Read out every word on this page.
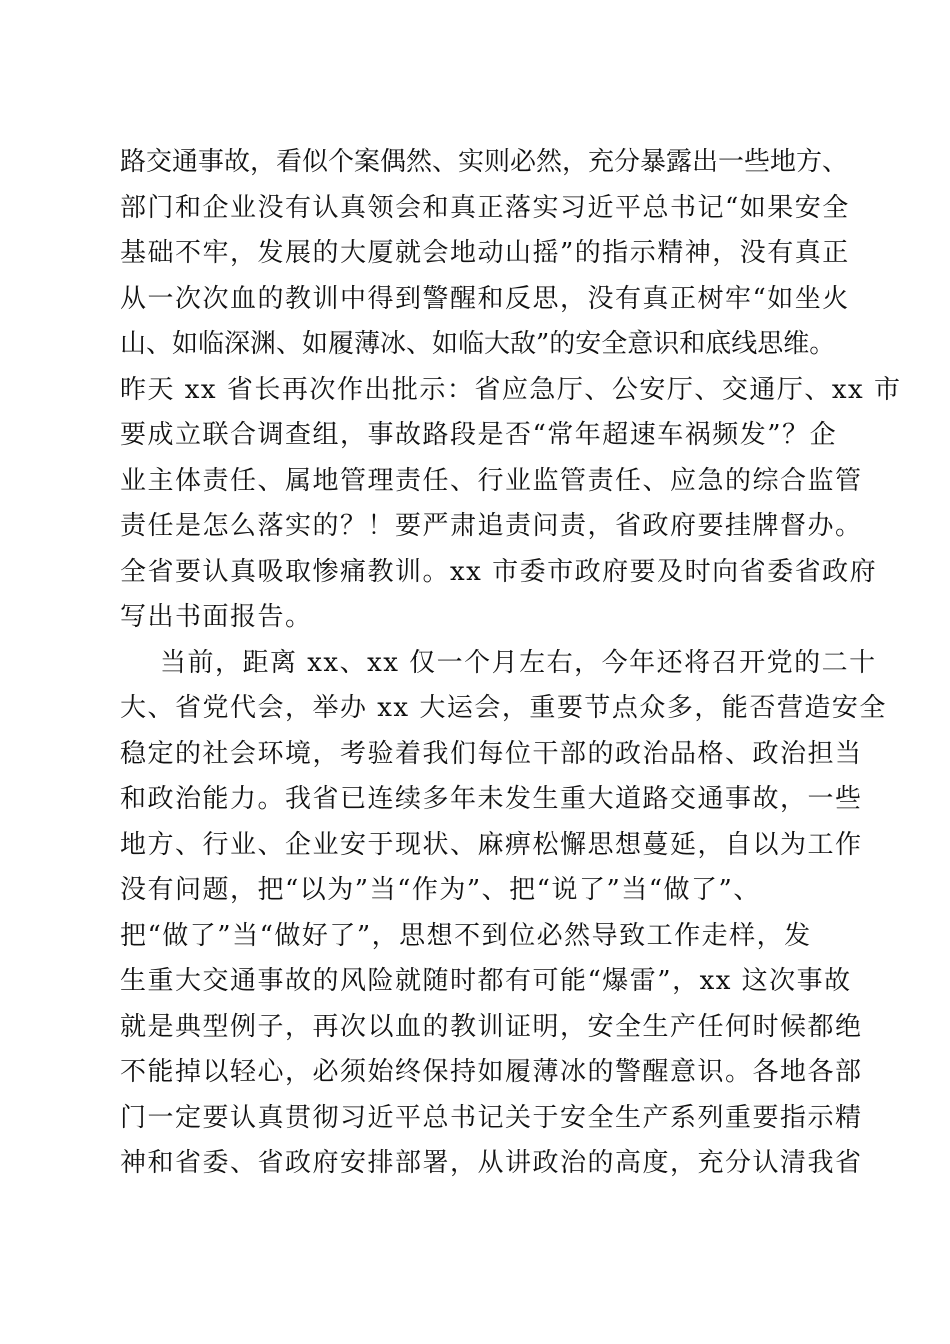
路交通事故，看似个案偶然、实则必然，充分暴露出一些地方、
部门和企业没有认真领会和真正落实习近平总书记“如果安全
基础不牢，发展的大厦就会地动山摇”的指示精神，没有真正
从一次次血的教训中得到警醒和反思，没有真正树牢“如坐火
山、如临深渊、如履薄冰、如临大敌”的安全意识和底线思维。
昨天 xx 省长再次作出批示：省应急厅、公安厅、交通厅、xx 市
要成立联合调查组，事故路段是否“常年超速车祸频发”？企
业主体责任、属地管理责任、行业监管责任、应急的综合监管
责任是怎么落实的？！要严肃追责问责，省政府要挂牌督办。
全省要认真吸取惨痛教训。xx 市委市政府要及时向省委省政府
写出书面报告。
当前，距离 xx、xx 仅一个月左右，今年还将召开党的二十
大、省党代会，举办 xx 大运会，重要节点众多，能否营造安全
稳定的社会环境，考验着我们每位干部的政治品格、政治担当
和政治能力。我省已连续多年未发生重大道路交通事故，一些
地方、行业、企业安于现状、麻痹松懈思想蔓延，自以为工作
没有问题，把“以为”当“作为”、把“说了”当“做了”、
把“做了”当“做好了”，思想不到位必然导致工作走样，发
生重大交通事故的风险就随时都有可能“爆雷”，xx 这次事故
就是典型例子，再次以血的教训证明，安全生产任何时候都绝
不能掉以轻心，必须始终保持如履薄冰的警醒意识。各地各部
门一定要认真贯彻习近平总书记关于安全生产系列重要指示精
神和省委、省政府安排部署，从讲政治的高度，充分认清我省
